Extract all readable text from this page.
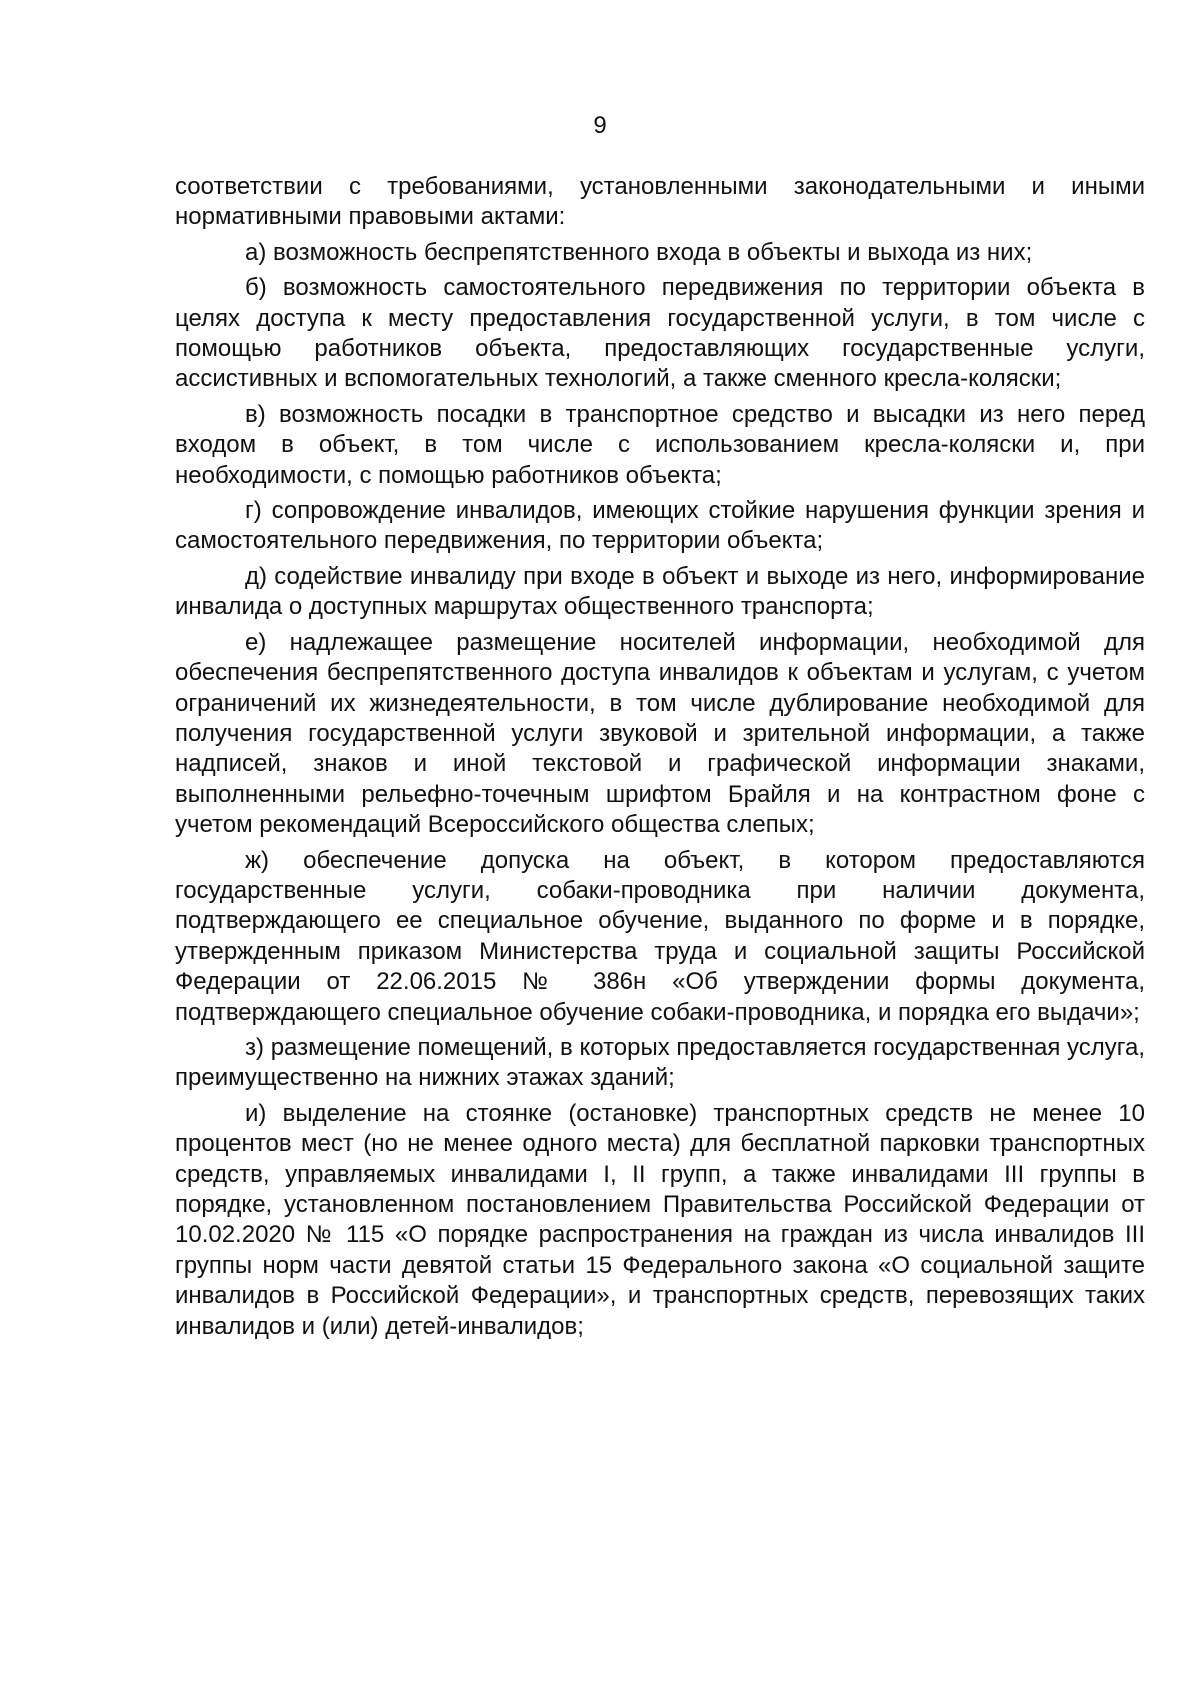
9

соответствии с требованиями, установленными законодательными и иными нормативными правовыми актами:

а) возможность беспрепятственного входа в объекты и выхода из них;

б) возможность самостоятельного передвижения по территории объекта в целях доступа к месту предоставления государственной услуги, в том числе с помощью работников объекта, предоставляющих государственные услуги, ассистивных и вспомогательных технологий, а также сменного кресла-коляски;

в) возможность посадки в транспортное средство и высадки из него перед входом в объект, в том числе с использованием кресла-коляски и, при необходимости, с помощью работников объекта;

г) сопровождение инвалидов, имеющих стойкие нарушения функции зрения и самостоятельного передвижения, по территории объекта;

д) содействие инвалиду при входе в объект и выходе из него, информирование инвалида о доступных маршрутах общественного транспорта;

е) надлежащее размещение носителей информации, необходимой для обеспечения беспрепятственного доступа инвалидов к объектам и услугам, с учетом ограничений их жизнедеятельности, в том числе дублирование необходимой для получения государственной услуги звуковой и зрительной информации, а также надписей, знаков и иной текстовой и графической информации знаками, выполненными рельефно-точечным шрифтом Брайля и на контрастном фоне с учетом рекомендаций Всероссийского общества слепых;

ж) обеспечение допуска на объект, в котором предоставляются государственные услуги, собаки-проводника при наличии документа, подтверждающего ее специальное обучение, выданного по форме и в порядке, утвержденным приказом Министерства труда и социальной защиты Российской Федерации от 22.06.2015 № 386н «Об утверждении формы документа, подтверждающего специальное обучение собаки-проводника, и порядка его выдачи»;

з) размещение помещений, в которых предоставляется государственная услуга, преимущественно на нижних этажах зданий;

и) выделение на стоянке (остановке) транспортных средств не менее 10 процентов мест (но не менее одного места) для бесплатной парковки транспортных средств, управляемых инвалидами I, II групп, а также инвалидами III группы в порядке, установленном постановлением Правительства Российской Федерации от 10.02.2020 № 115 «О порядке распространения на граждан из числа инвалидов III группы норм части девятой статьи 15 Федерального закона «О социальной защите инвалидов в Российской Федерации», и транспортных средств, перевозящих таких инвалидов и (или) детей-инвалидов;
